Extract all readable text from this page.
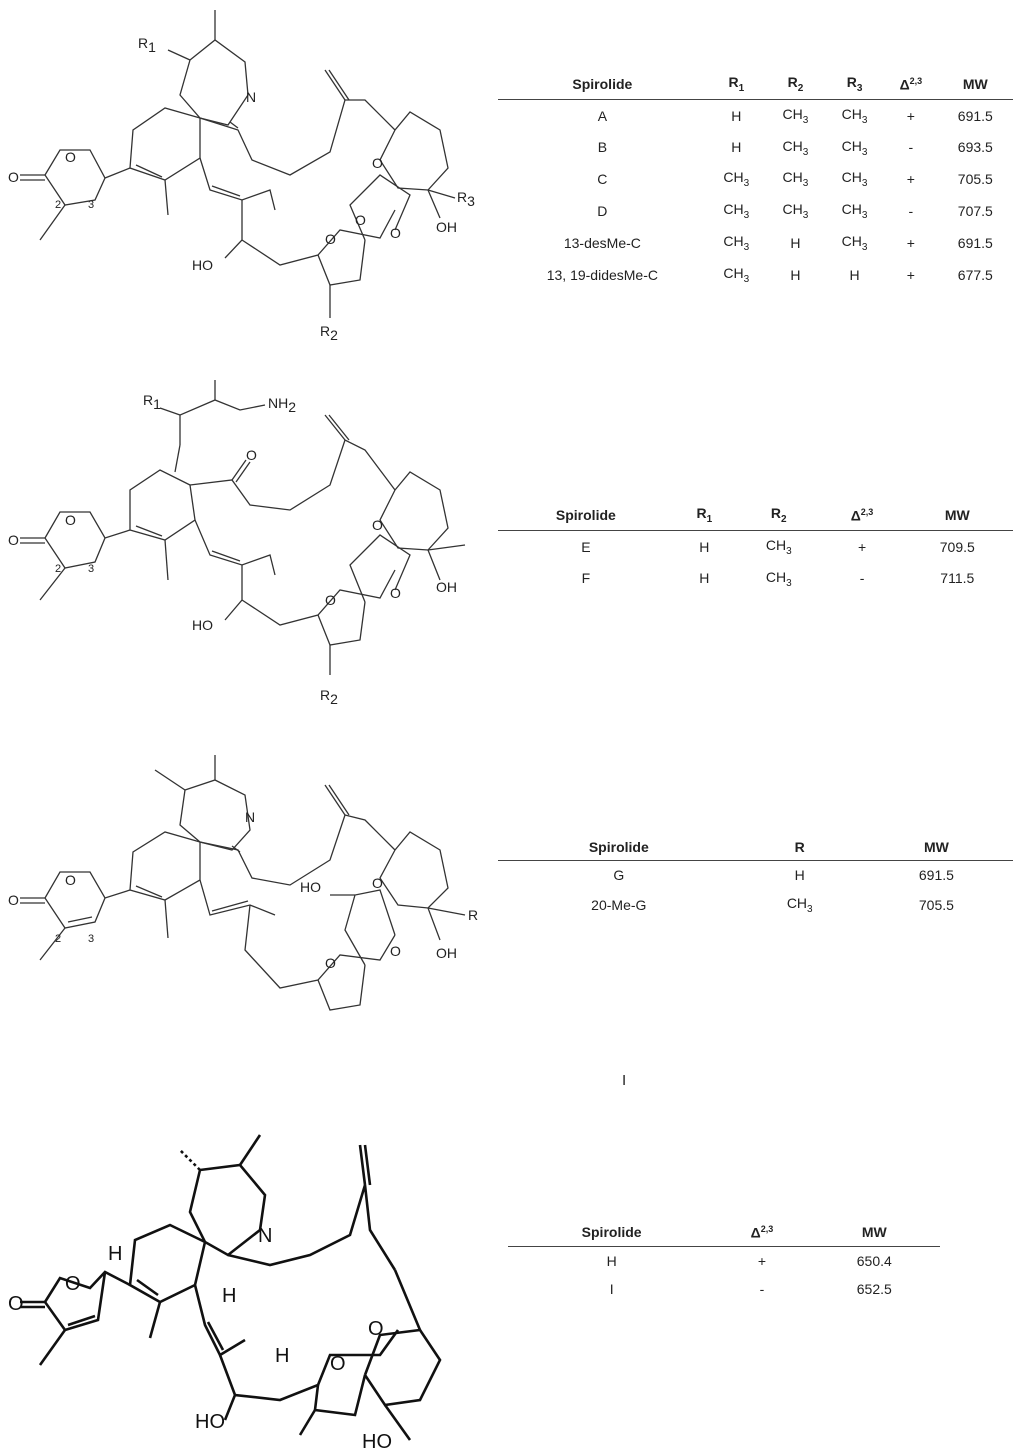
R1
N
O
O
2 3
O
O
O
O
HO
OH
R3
R2
Spirolide	$R_1$	$R_2$	$R_3$	Δ$^{2,3}$	MW
A	H	$CH_3$	$CH_3$	+	691.5
B	H	$CH_3$	$CH_3$	-	693.5
C	$CH_3$	$CH_3$	$CH_3$	+	705.5
D	$CH_3$	$CH_3$	$CH_3$	-	707.5
13-desMe-C	$CH_3$	H	$CH_3$	+	691.5
13, 19-didesMe-C	$CH_3$	H	H	+	677.5
R1	NH2
O
O
O
2 3
O
O
O
HO
OH
R2
Spirolide	$R_1$	$R_2$	Δ$^{2,3}$	MW
E	H	$CH_3$	+	709.5
F	H	$CH_3$	-	711.5
N
O
O
2 3
HO	O
O
O
OH
R
Spirolide	R	MW
G	H	691.5
20-Me-G	$CH_3$	705.5
I
O
O
H
N
H
H O
O
HO
HO
Spirolide	Δ$^{2,3}$	MW
H	+	650.4
I	-	652.5
